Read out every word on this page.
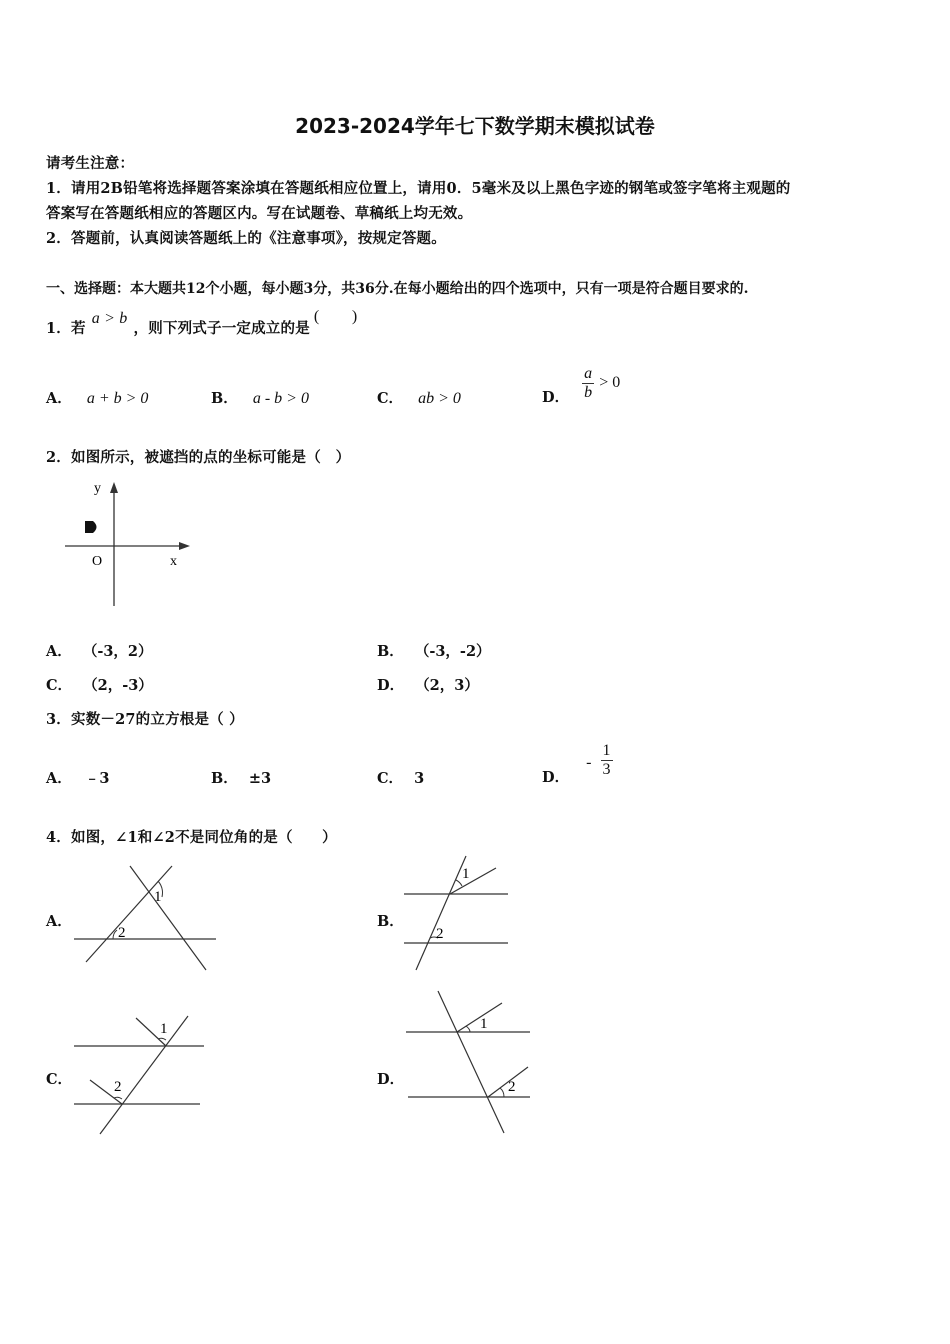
2023-2024学年七下数学期末模拟试卷
请考生注意：
1．请用2B铅笔将选择题答案涂填在答题纸相应位置上，请用0．5毫米及以上黑色字迹的钢笔或签字笔将主观题的
答案写在答题纸相应的答题区内。写在试题卷、草稿纸上均无效。
2．答题前，认真阅读答题纸上的《注意事项》，按规定答题。
一、选择题：本大题共12个小题，每小题3分，共36分.在每小题给出的四个选项中，只有一项是符合题目要求的.
1．若a > b，则下列式子一定成立的是(　　)
A． a + b > 0	B． a - b > 0	C． ab > 0	D． $\frac{a}{b} > 0$
2．如图所示，被遮挡的点的坐标可能是（　）
y
x
O
A． （-3，2）	B． （-3，-2）
C． （2，-3）	D． （2，3）
3．实数－27的立方根是（ ）
A． ﹣3	B． ±3	C． 3	D． - $\frac{1}{3}$
4．如图，∠1和∠2不是同位角的是（　　）
A．
1
2
B．
1
2
C．
1
2	D．
1
2
